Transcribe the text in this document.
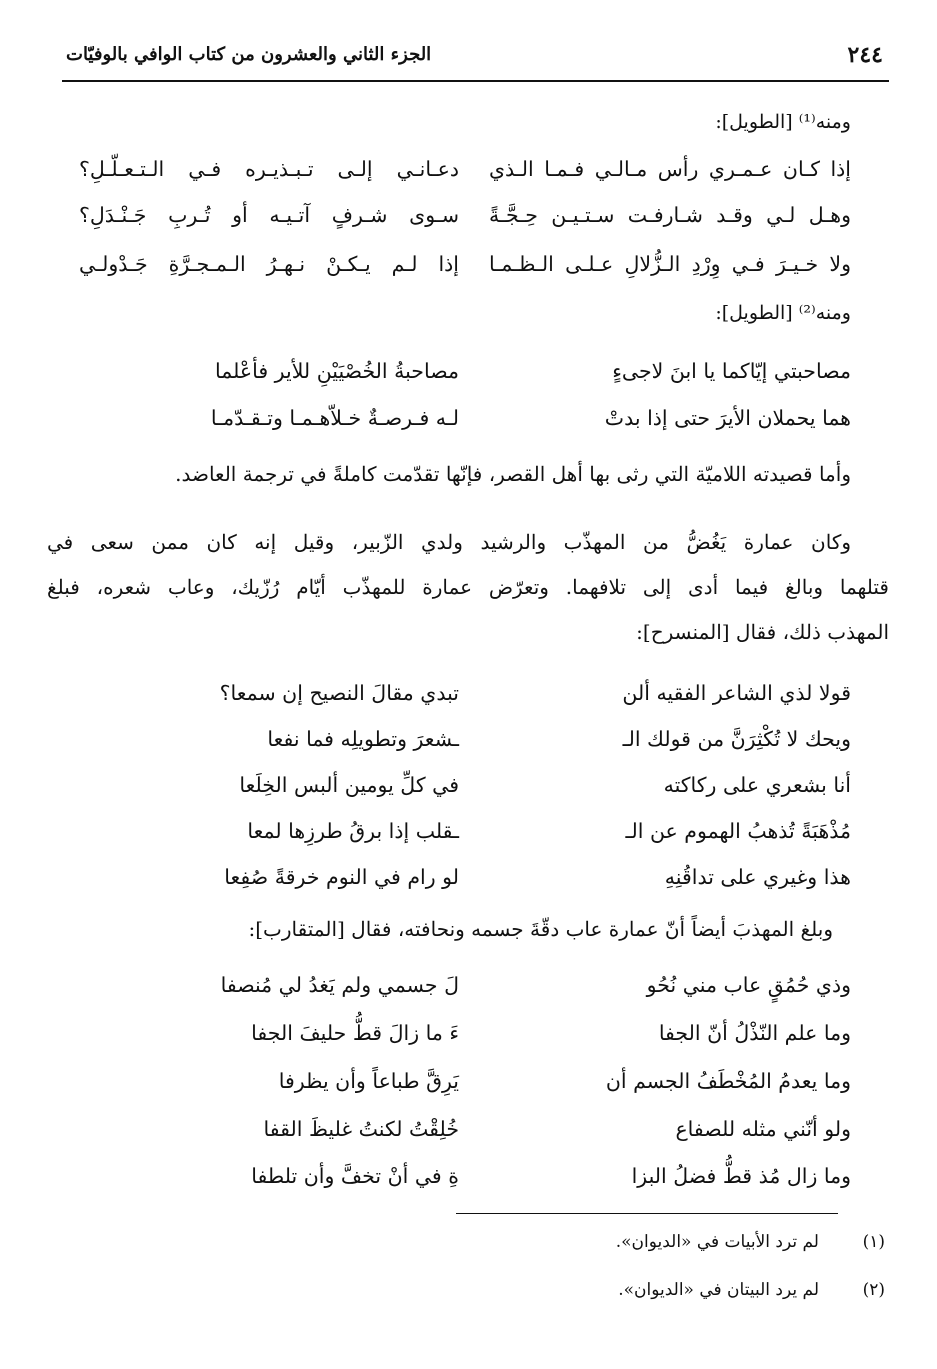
٢٤٤
الجزء الثاني والعشرون من كتاب الوافي بالوفيّات
ومنه⁽¹⁾ [الطويل]:
إذا كـان عـمـري رأس مـالـي فـمـا الـذي
دعـانـي إلـى تـبـذيـره فـي الـتـعـلّـلِ؟
وهـل لـي وقـد شـارفـت سـتـيـن حِـجَّـةً
سـوى شـرفٍ آتـيـه أو تُـربِ جَـنْـدَلِ؟
ولا خـيـرَ فـي وِرْدِ الـزُّلالِ عـلـى الـظـمـا
إذا لـم يـكـنْ نـهـرُ الـمـجـرَّةِ جَـدْولـي
ومنه⁽²⁾ [الطويل]:
مصاحبتي إيّاكما يا ابنَ لاجىءٍ
مصاحبةُ الخُصْيَيْنِ للأير فأعْلما
هما يحملان الأيرَ حتى إذا بدتْ
لـه فـرصـةٌ خـلاّهـمـا وتـقـدّمـا
وأما قصيدته اللاميّة التي رثى بها أهل القصر، فإنّها تقدّمت كاملةً في ترجمة العاضد.
وكان عمارة يَغُضُّ من المهذّب والرشيد ولدي الزّبير، وقيل إنه كان ممن سعى في
قتلهما وبالغ فيما أدى إلى تلافهما. وتعرّض عمارة للمهذّب أيّام رُزّيك، وعاب شعره، فبلغ
المهذب ذلك، فقال [المنسرح]:
قولا لذي الشاعر الفقيه ألن
تبدي مقالَ النصيح إن سمعا؟
ويحك لا تُكْثِرَنَّ من قولك الـ
ـشعرَ وتطويلِه فما نفعا
أنا بشعري على ركاكته
في كلِّ يومين ألبس الخِلَعا
مُذْهَبَةً تُذهبُ الهموم عن الـ
ـقلب إذا برقُ طرزِها لمعا
هذا وغيري على تداقُنِهِ
لو رام في النوم خرقةً صُفِعا
وبلغ المهذبَ أيضاً أنّ عمارة عاب دقّةَ جسمه ونحافته، فقال [المتقارب]:
وذي حُمُقٍ عاب مني نُحُو
لَ جسمي ولم يَغدُ لي مُنصفا
وما علم النّذْلُ أنّ الجفا
ءَ ما زالَ قطُّ حليفَ الجفا
وما يعدمُ المُخْطَفُ الجسم أن
يَرِقَّ طباعاً وأن يظرفا
ولو أنّني مثله للصفاع
خُلِقْتُ لكنتُ غليظَ القفا
وما زال مُذ قطُّ فضلُ البزا
ةِ في أنْ تخفَّ وأن تلطفا
(١)
لم ترد الأبيات في «الديوان».
(٢)
لم يرد البيتان في «الديوان».
